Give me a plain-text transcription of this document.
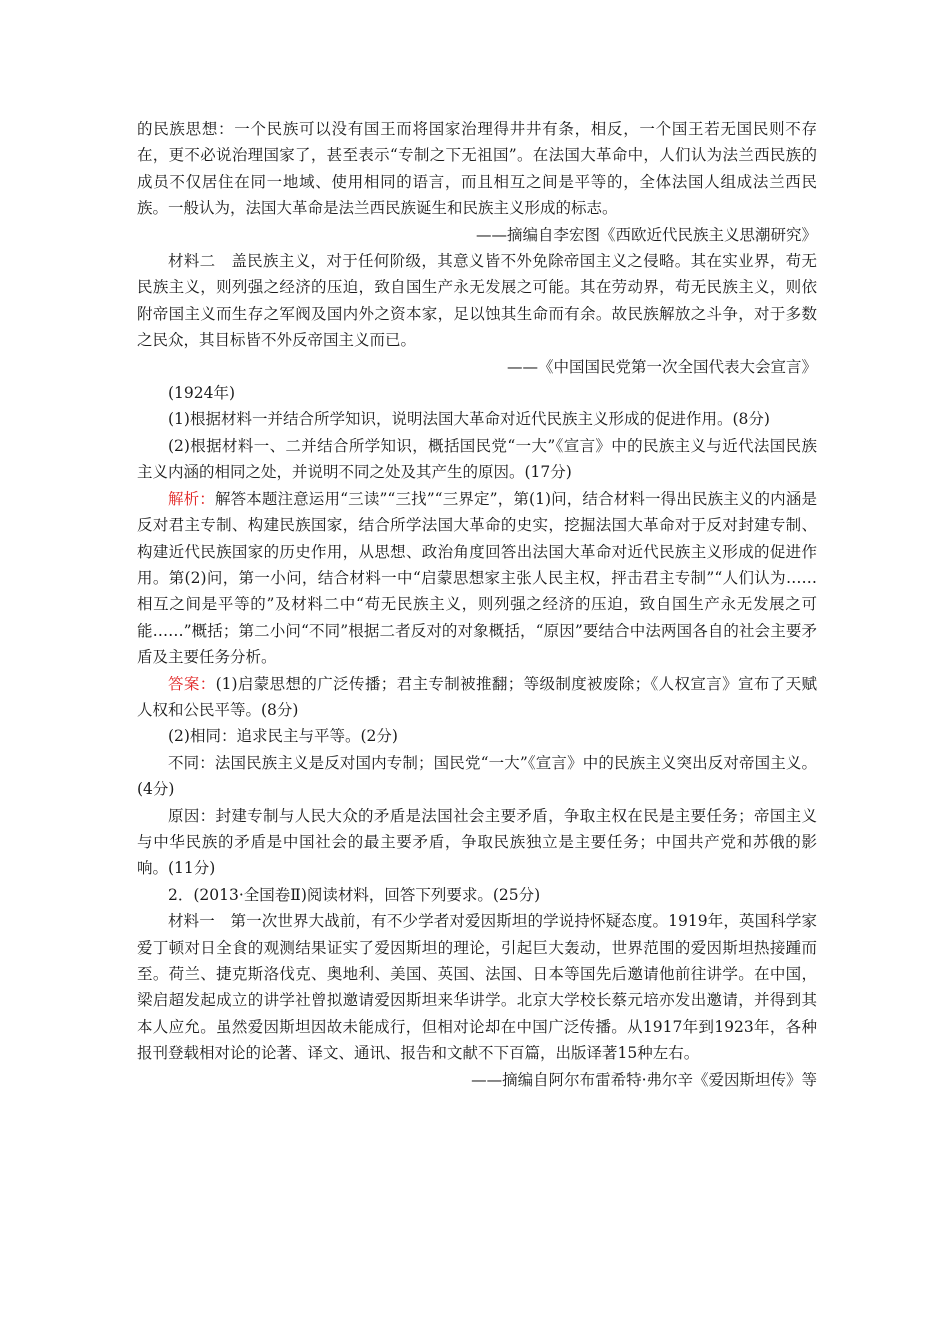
的民族思想：一个民族可以没有国王而将国家治理得井井有条，相反，一个国王若无国民则不存在，更不必说治理国家了，甚至表示“专制之下无祖国”。在法国大革命中，人们认为法兰西民族的成员不仅居住在同一地域、使用相同的语言，而且相互之间是平等的，全体法国人组成法兰西民族。一般认为，法国大革命是法兰西民族诞生和民族主义形成的标志。

——摘编自李宏图《西欧近代民族主义思潮研究》

材料二　盖民族主义，对于任何阶级，其意义皆不外免除帝国主义之侵略。其在实业界，苟无民族主义，则列强之经济的压迫，致自国生产永无发展之可能。其在劳动界，苟无民族主义，则依附帝国主义而生存之军阀及国内外之资本家，足以蚀其生命而有余。故民族解放之斗争，对于多数之民众，其目标皆不外反帝国主义而已。

——《中国国民党第一次全国代表大会宣言》

(1924年)

(1)根据材料一并结合所学知识，说明法国大革命对近代民族主义形成的促进作用。(8分)

(2)根据材料一、二并结合所学知识，概括国民党“一大”《宣言》中的民族主义与近代法国民族主义内涵的相同之处，并说明不同之处及其产生的原因。(17分)

解析：解答本题注意运用“三读”“三找”“三界定”，第(1)问，结合材料一得出民族主义的内涵是反对君主专制、构建民族国家，结合所学法国大革命的史实，挖掘法国大革命对于反对封建专制、构建近代民族国家的历史作用，从思想、政治角度回答出法国大革命对近代民族主义形成的促进作用。第(2)问，第一小问，结合材料一中“启蒙思想家主张人民主权，抨击君主专制”“人们认为……相互之间是平等的”及材料二中“苟无民族主义，则列强之经济的压迫，致自国生产永无发展之可能……”概括；第二小问“不同”根据二者反对的对象概括，“原因”要结合中法两国各自的社会主要矛盾及主要任务分析。

答案：(1)启蒙思想的广泛传播；君主专制被推翻；等级制度被废除；《人权宣言》宣布了天赋人权和公民平等。(8分)

(2)相同：追求民主与平等。(2分)

不同：法国民族主义是反对国内专制；国民党“一大”《宣言》中的民族主义突出反对帝国主义。(4分)

原因：封建专制与人民大众的矛盾是法国社会主要矛盾，争取主权在民是主要任务；帝国主义与中华民族的矛盾是中国社会的最主要矛盾，争取民族独立是主要任务；中国共产党和苏俄的影响。(11分)

2．(2013·全国卷Ⅱ)阅读材料，回答下列要求。(25分)

材料一　第一次世界大战前，有不少学者对爱因斯坦的学说持怀疑态度。1919年，英国科学家爱丁顿对日全食的观测结果证实了爱因斯坦的理论，引起巨大轰动，世界范围的爱因斯坦热接踵而至。荷兰、捷克斯洛伐克、奥地利、美国、英国、法国、日本等国先后邀请他前往讲学。在中国，梁启超发起成立的讲学社曾拟邀请爱因斯坦来华讲学。北京大学校长蔡元培亦发出邀请，并得到其本人应允。虽然爱因斯坦因故未能成行，但相对论却在中国广泛传播。从1917年到1923年，各种报刊登载相对论的论著、译文、通讯、报告和文献不下百篇，出版译著15种左右。

——摘编自阿尔布雷希特·弗尔辛《爱因斯坦传》等
